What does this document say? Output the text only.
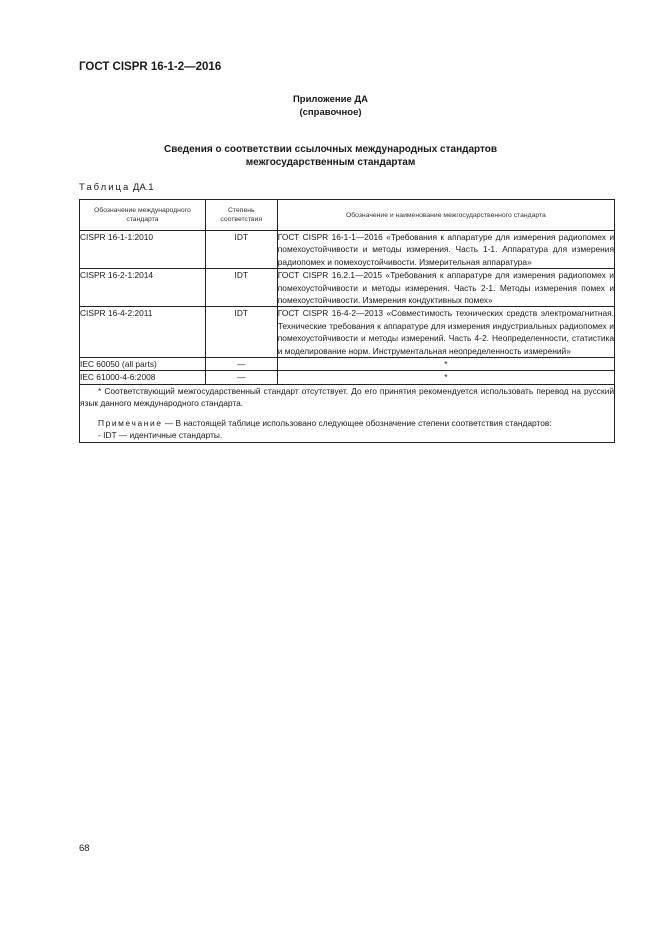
ГОСТ CISPR 16-1-2—2016
Приложение ДА
(справочное)
Сведения о соответствии ссылочных международных стандартов
межгосударственным стандартам
Таблица ДА.1
Обозначение международного стандарта	Степень соответствия	Обозначение и наименование межгосударственного стандарта
CISPR 16-1-1:2010	IDT	ГОСТ CISPR 16-1-1—2016 «Требования к аппаратуре для измерения радиопомех и помехоустойчивости и методы измерения. Часть 1-1. Аппаратура для измерения радиопомех и помехоустойчивости. Измерительная аппаратура»
CISPR 16-2-1:2014	IDT	ГОСТ CISPR 16.2.1—2015 «Требования к аппаратуре для измерения радиопомех и помехоустойчивости и методы измерения. Часть 2-1. Методы измерения помех и помехоустойчивости. Измерения кондуктивных помех»
CISPR 16-4-2:2011	IDT	ГОСТ CISPR 16-4-2—2013 «Совместимость технических средств электромагнитная. Технические требования к аппаратуре для измерения индустриальных радиопомех и помехоустойчивости и методы измерений. Часть 4-2. Неопределенности, статистика и моделирование норм. Инструментальная неопределенность измерений»
IEC 60050 (all parts)	—	*
IEC 61000-4-6:2008	—	*

* Соответствующий межгосударственный стандарт отсутствует. До его принятия рекомендуется использовать перевод на русский язык данного международного стандарта.
Примечание — В настоящей таблице использовано следующее обозначение степени соответствия стандартов:
- IDT — идентичные стандарты.		
68
